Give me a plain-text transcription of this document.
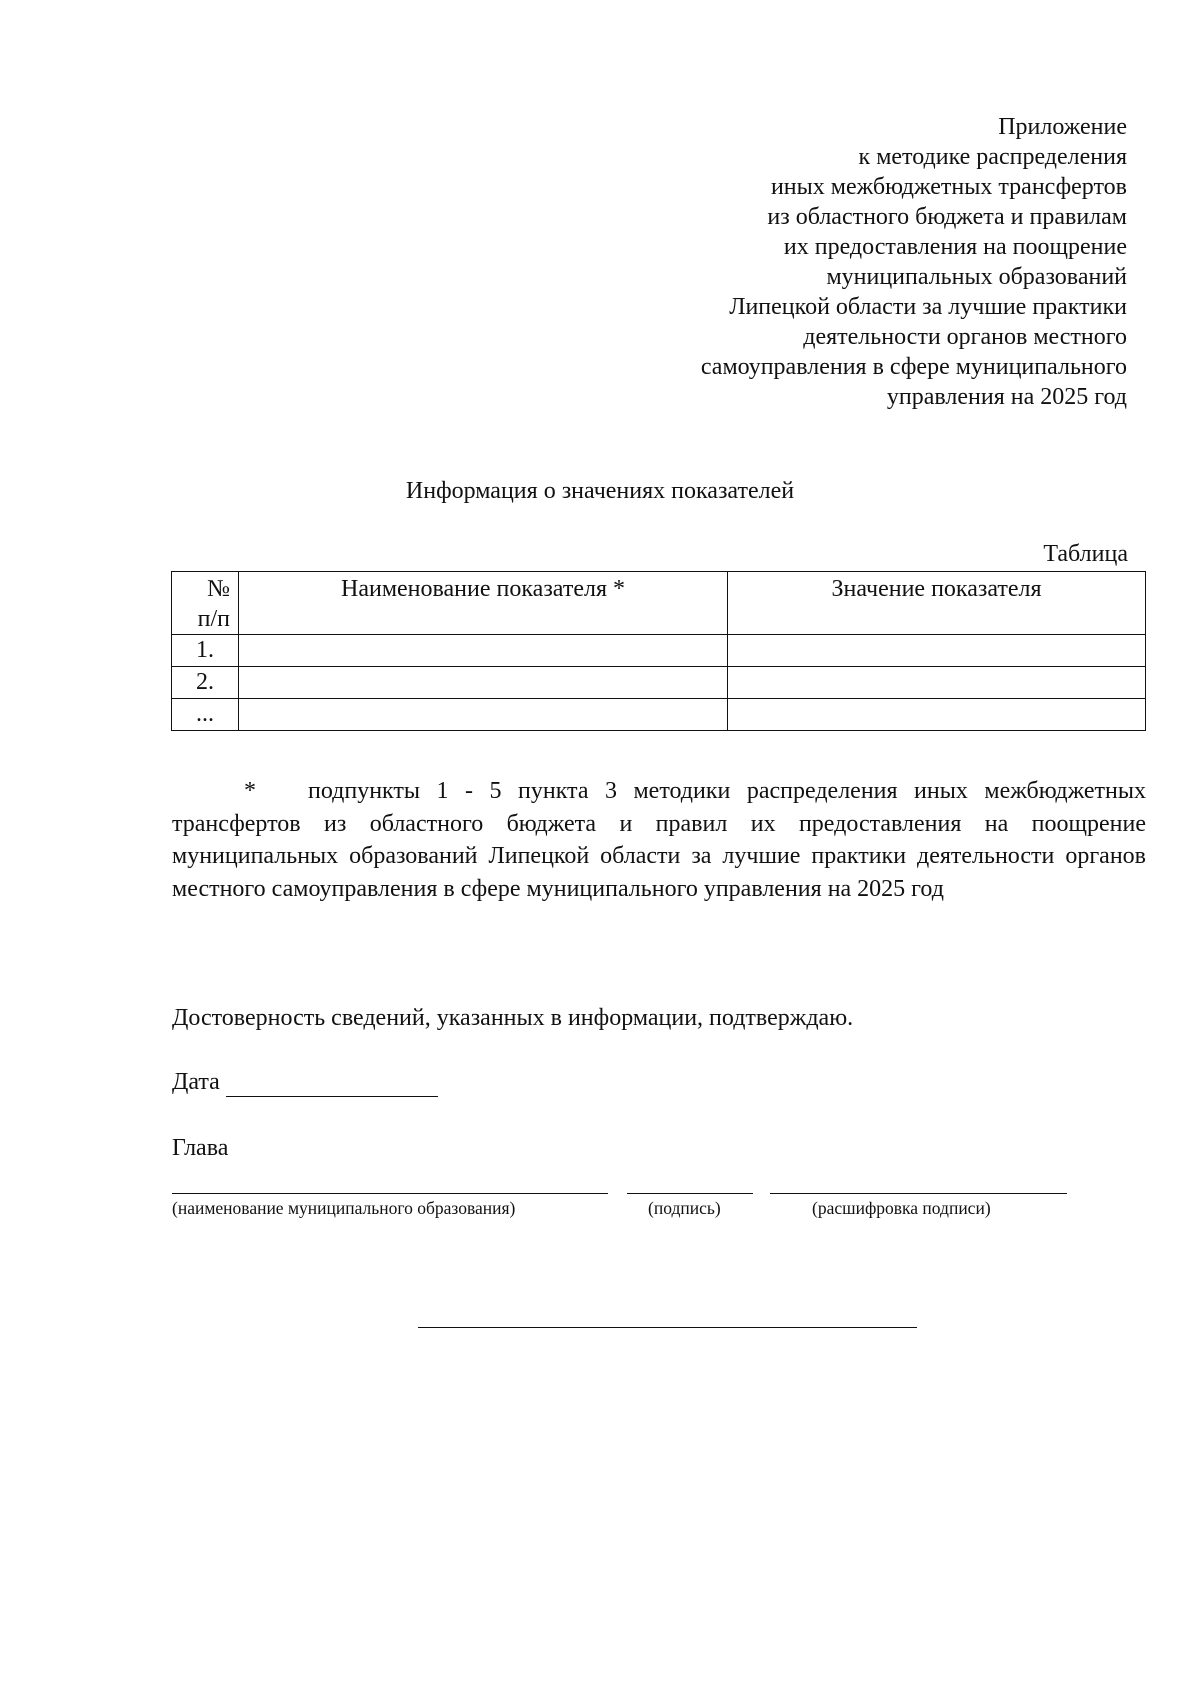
Приложение
к методике распределения
иных межбюджетных трансфертов
из областного бюджета и правилам
их предоставления на поощрение
муниципальных образований
Липецкой области за лучшие практики
деятельности органов местного
самоуправления в сфере муниципального
управления на 2025 год
Информация о значениях показателей
Таблица
№
п/п	Наименование показателя *	Значение показателя
1.		
2.		
...		
* подпункты 1 - 5 пункта 3 методики распределения иных межбюджетных трансфертов из областного бюджета и правил их предоставления на поощрение муниципальных образований Липецкой области за лучшие практики деятельности органов местного самоуправления в сфере муниципального управления на 2025 год
Достоверность сведений, указанных в информации, подтверждаю.
Дата
Глава
(наименование муниципального образования)	(подпись)	(расшифровка подписи)
